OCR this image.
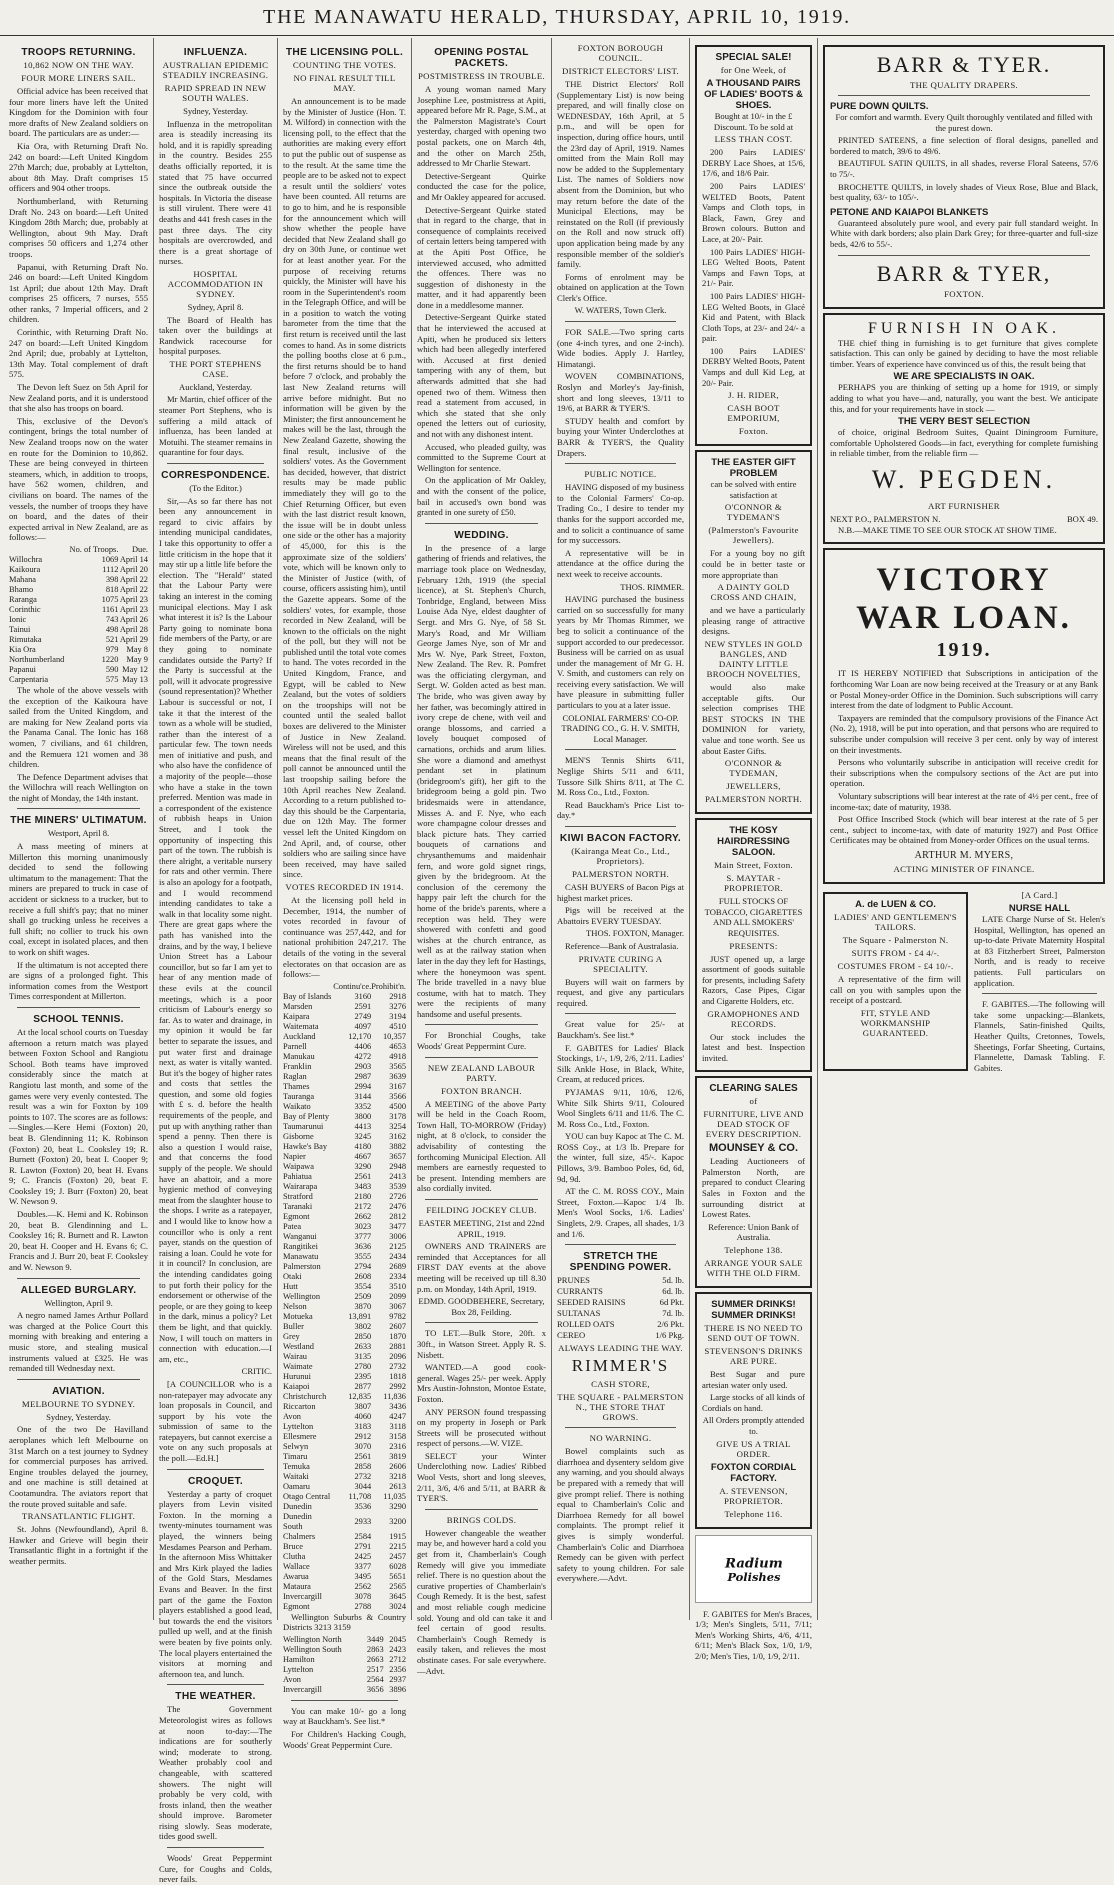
THE MANAWATU HERALD, THURSDAY, APRIL 10, 1919.
TROOPS RETURNING.
10,862 NOW ON THE WAY.
FOUR MORE LINERS SAIL.

Official advice has been received that four more liners have left the United Kingdom for the Dominion with four more drafts of New Zealand soldiers on board. The particulars are as under:—

Kia Ora, with Returning Draft No. 242 on board:—Left United Kingdom 27th March; due, probably at Lyttelton, about 8th May. Draft comprises 15 officers and 904 other troops.

Northumberland, with Returning Draft No. 243 on board:—Left United Kingdom 28th March; due, probably at Wellington, about 9th May. Draft comprises 50 officers and 1,274 other troops.

Papanui, with Returning Draft No. 246 on board:—Left United Kingdom 1st April; due about 12th May. Draft comprises 25 officers, 7 nurses, 555 other ranks, 7 Imperial officers, and 2 children.

Corinthic, with Returning Draft No. 247 on board:—Left United Kingdom 2nd April; due, probably at Lyttelton, 13th May. Total complement of draft 575.

The Devon left Suez on 5th April for New Zealand ports, and it is understood that she also has troops on board.

This, exclusive of the Devon's contingent, brings the total number of New Zealand troops now on the water en route for the Dominion to 10,862. These are being conveyed in thirteen steamers, which, in addition to troops, have 562 women, children, and civilians on board. The names of the vessels, the number of troops they have on board, and the dates of their expected arrival in New Zealand, are as follows:—

	No. of Troops.	Due.
Willochra	1069	April 14
Kaikoura	1112	April 20
Mahana	398	April 22
Bhamo	818	April 22
Raranga	1075	April 23
Corinthic	1161	April 23
Ionic	743	April 26
Tainui	498	April 28
Rimutaka	521	April 29
Kia Ora	979	May 8
Northumberland	1220	May 9
Papanui	590	May 12
Carpentaria	575	May 13

The whole of the above vessels with the exception of the Kaikoura have sailed from the United Kingdom, and are making for New Zealand ports via the Panama Canal. The Ionic has 168 women, 7 civilians, and 61 children, and the Remuera 121 women and 38 children.

The Defence Department advises that the Willochra will reach Wellington on the night of Monday, the 14th instant.

THE MINERS' ULTIMATUM.

Westport, April 8.

A mass meeting of miners at Millerton this morning unanimously decided to send the following ultimatum to the management: That the miners are prepared to truck in case of accident or sickness to a trucker, but to receive a full shift's pay; that no miner shall go trucking unless he receives a full shift; no collier to truck his own coal, except in isolated places, and then to work on shift wages.

If the ultimatum is not accepted there are signs of a prolonged fight. This information comes from the Westport Times correspondent at Millerton.

SCHOOL TENNIS.

At the local school courts on Tuesday afternoon a return match was played between Foxton School and Rangiotu School. Both teams have improved considerably since the match at Rangiotu last month, and some of the games were very evenly contested. The result was a win for Foxton by 109 points to 107. The scores are as follows:—Singles.—Kere Hemi (Foxton) 20, beat B. Glendinning 11; K. Robinson (Foxton) 20, beat L. Cooksley 19; R. Burnett (Foxton) 20, beat I. Cooper 9; R. Lawton (Foxton) 20, beat H. Evans 9; C. Francis (Foxton) 20, beat F. Cooksley 19; J. Burr (Foxton) 20, beat W. Newson 9.

Doubles.—K. Hemi and K. Robinson 20, beat B. Glendinning and L. Cooksley 16; R. Burnett and R. Lawton 20, beat H. Cooper and H. Evans 6; C. Francis and J. Burr 20, beat F. Cooksley and W. Newson 9.

ALLEGED BURGLARY.

Wellington, April 9.

A negro named James Arthur Pollard was charged at the Police Court this morning with breaking and entering a music store, and stealing musical instruments valued at £325. He was remanded till Wednesday next.

AVIATION.
MELBOURNE TO SYDNEY.

Sydney, Yesterday.

One of the two De Havilland aeroplanes which left Melbourne on 31st March on a test journey to Sydney for commercial purposes has arrived. Engine troubles delayed the journey, and one machine is still detained at Cootamundra. The aviators report that the route proved suitable and safe.

TRANSATLANTIC FLIGHT.

St. Johns (Newfoundland), April 8. Hawker and Grieve will begin their Transatlantic flight in a fortnight if the weather permits.

INFLUENZA.
AUSTRALIAN EPIDEMIC STEADILY INCREASING.
RAPID SPREAD IN NEW SOUTH WALES.

Sydney, Yesterday.

Influenza in the metropolitan area is steadily increasing its hold, and it is rapidly spreading in the country. Besides 255 deaths officially reported, it is stated that 75 have occurred since the outbreak outside the hospitals. In Victoria the disease is still virulent. There were 41 deaths and 441 fresh cases in the past three days. The city hospitals are overcrowded, and there is a great shortage of nurses.

HOSPITAL ACCOMMODATION IN SYDNEY.

Sydney, April 8.

The Board of Health has taken over the buildings at Randwick racecourse for hospital purposes.

THE PORT STEPHENS CASE.

Auckland, Yesterday.

Mr Martin, chief officer of the steamer Port Stephens, who is suffering a mild attack of influenza, has been landed at Motuihi. The steamer remains in quarantine for four days.

CORRESPONDENCE.

(To the Editor.)

Sir,—As so far there has not been any announcement in regard to civic affairs by intending municipal candidates, I take this opportunity to offer a little criticism in the hope that it may stir up a little life before the election. The "Herald" stated that the Labour Party were taking an interest in the coming municipal elections. May I ask what interest it is? Is the Labour Party going to nominate bona fide members of the Party, or are they going to nominate candidates outside the Party? If the Party is successful at the poll, will it advocate progressive (sound representation)? Whether Labour is successful or not, I take it that the interest of the town as a whole will be studied, rather than the interest of a particular few. The town needs men of initiative and push, and who also have the confidence of a majority of the people—those who have a stake in the town preferred. Mention was made in a correspondent of the existence of rubbish heaps in Union Street, and I took the opportunity of inspecting this part of the town. The rubbish is there alright, a veritable nursery for rats and other vermin. There is also an apology for a footpath, and I would recommend intending candidates to take a walk in that locality some night. There are great gaps where the path has vanished into the drains, and by the way, I believe Union Street has a Labour councillor, but so far I am yet to hear of any mention made of these evils at the council meetings, which is a poor criticism of Labour's energy so far. As to water and drainage, in my opinion it would be far better to separate the issues, and put water first and drainage next, as water is vitally wanted. But it's the bogey of higher rates and costs that settles the question, and some old fogies with £ s. d. before the health requirements of the people, and put up with anything rather than spend a penny. Then there is also a question I would raise, and that concerns the food supply of the people. We should have an abattoir, and a more hygienic method of conveying meat from the slaughter house to the shops. I write as a ratepayer, and I would like to know how a councillor who is only a rent payer, stands on the question of raising a loan. Could he vote for it in council? In conclusion, are the intending candidates going to put forth their policy for the endorsement or otherwise of the people, or are they going to keep in the dark, minus a policy? Let them be light, and that quickly. Now, I will touch on matters in connection with education.—I am, etc.,

CRITIC.

[A COUNCILLOR who is a non-ratepayer may advocate any loan proposals in Council, and support by his vote the submission of same to the ratepayers, but cannot exercise a vote on any such proposals at the poll.—Ed.H.]

CROQUET.

Yesterday a party of croquet players from Levin visited Foxton. In the morning a twenty-minutes tournament was played, the winners being Mesdames Pearson and Perham. In the afternoon Miss Whittaker and Mrs Kirk played the ladies of the Gold Stars, Mesdames Evans and Beaver. In the first part of the game the Foxton players established a good lead, but towards the end the visitors pulled up well, and at the finish were beaten by five points only. The local players entertained the visitors at morning and afternoon tea, and lunch.

THE WEATHER.

The Government Meteorologist wires as follows at noon to-day:—The indications are for southerly wind; moderate to strong. Weather probably cool and changeable, with scattered showers. The night will probably be very cold, with frosts inland, then the weather should improve. Barometer rising slowly. Seas moderate, tides good swell.

Woods' Great Peppermint Cure, for Coughs and Colds, never fails.

THE LICENSING POLL.
COUNTING THE VOTES.
NO FINAL RESULT TILL MAY.

An announcement is to be made by the Minister of Justice (Hon. T. M. Wilford) in connection with the licensing poll, to the effect that the authorities are making every effort to put the public out of suspense as to the result. At the same time the people are to be asked not to expect a result until the soldiers' votes have been counted. All returns are to go to him, and he is responsible for the announcement which will show whether the people have decided that New Zealand shall go dry on 30th June, or continue wet for at least another year. For the purpose of receiving returns quickly, the Minister will have his room in the Superintendent's room in the Telegraph Office, and will be in a position to watch the voting barometer from the time that the first return is received until the last comes to hand. As in some districts the polling booths close at 6 p.m., the first returns should be to hand before 7 o'clock, and probably the last New Zealand returns will arrive before midnight. But no information will be given by the Minister; the first announcement he makes will be the last, through the New Zealand Gazette, showing the final result, inclusive of the soldiers' votes. As the Government has decided, however, that district results may be made public immediately they will go to the Chief Returning Officer, but even with the last district result known, the issue will be in doubt unless one side or the other has a majority of 45,000, for this is the approximate size of the soldiers' vote, which will be known only to the Minister of Justice (with, of course, officers assisting him), until the Gazette appears. Some of the soldiers' votes, for example, those recorded in New Zealand, will be known to the officials on the night of the poll, but they will not be published until the total vote comes to hand. The votes recorded in the United Kingdom, France, and Egypt, will be cabled to New Zealand, but the votes of soldiers on the troopships will not be counted until the sealed ballot boxes are delivered to the Minister of Justice in New Zealand. Wireless will not be used, and this means that the final result of the poll cannot be announced until the last troopship sailing before the 10th April reaches New Zealand. According to a return published to-day this should be the Carpentaria, due on 12th May. The former vessel left the United Kingdom on 2nd April, and, of course, other soldiers who are sailing since have been received, may have sailed since.

VOTES RECORDED IN 1914.

At the licensing poll held in December, 1914, the number of votes recorded in favour of continuance was 257,442, and for national prohibition 247,217. The details of the voting in the several electorates on that occasion are as follows:—

	Continu'ce.	Prohibit'n.
Bay of Islands	3160	2918
Marsden	2591	3276
Kaipara	2749	3194
Waitemata	4097	4510
Auckland	12,170	10,357
Parnell	4406	4653
Manukau	4272	4918
Franklin	2903	3565
Raglan	2987	3639
Thames	2994	3167
Tauranga	3144	3566
Waikato	3352	4500
Bay of Plenty	3800	3178
Taumarunui	4413	3254
Gisborne	3245	3162
Hawke's Bay	4180	3882
Napier	4667	3657
Waipawa	3290	2948
Pahiatua	2561	2413
Wairarapa	3483	3539
Stratford	2180	2726
Taranaki	2172	2476
Egmont	2662	2812
Patea	3023	3477
Wanganui	3777	3006
Rangitikei	3636	2125
Manawatu	3555	2434
Palmerston	2794	2689
Otaki	2608	2334
Hutt	3554	3510
Wellington	2509	2099
Nelson	3870	3067
Motueka	13,891	9782
Buller	3802	2607
Grey	2850	1870
Westland	2633	2881
Wairau	3135	2096
Waimate	2780	2732
Hurunui	2395	1818
Kaiapoi	2877	2992
Christchurch	12,835	11,836
Riccarton	3807	3436
Avon	4060	4247
Lyttelton	3183	3118
Ellesmere	2912	3158
Selwyn	3070	2316
Timaru	2561	3819
Temuka	2858	2606
Waitaki	2732	3218
Oamaru	3044	2613
Otago Central	11,708	11,035
Dunedin	3536	3290
Dunedin South	2933	3200
Chalmers	2584	1915
Bruce	2791	2215
Clutha	2425	2457
Wallace	3377	6028
Awarua	3495	5651
Mataura	2562	2565
Invercargill	3078	3645
Egmont	2788	3024

Wellington Suburbs & Country Districts 3213 3159

Wellington North	3449	2045
Wellington South	2863	2423
Hamilton	2663	2712
Lyttelton	2517	2356
Avon	2564	2937
Invercargill	3656	3896

You can make 10/- go a long way at Bauckham's. See list.*

For Children's Hacking Cough, Woods' Great Peppermint Cure.

OPENING POSTAL PACKETS.
POSTMISTRESS IN TROUBLE.

A young woman named Mary Josephine Lee, postmistress at Apiti, appeared before Mr R. Page, S.M., at the Palmerston Magistrate's Court yesterday, charged with opening two postal packets, one on March 4th, and the other on March 25th, addressed to Mr Charlie Stewart.

Detective-Sergeant Quirke conducted the case for the police, and Mr Oakley appeared for accused.

Detective-Sergeant Quirke stated that in regard to the charge, that in consequence of complaints received of certain letters being tampered with at the Apiti Post Office, he interviewed accused, who admitted the offences. There was no suggestion of dishonesty in the matter, and it had apparently been done in a meddlesome manner.

Detective-Sergeant Quirke stated that he interviewed the accused at Apiti, when he produced six letters which had been allegedly interfered with. Accused at first denied tampering with any of them, but afterwards admitted that she had opened two of them. Witness then read a statement from accused, in which she stated that she only opened the letters out of curiosity, and not with any dishonest intent.

Accused, who pleaded guilty, was committed to the Supreme Court at Wellington for sentence.

On the application of Mr Oakley, and with the consent of the police, bail in accused's own bond was granted in one surety of £50.

WEDDING.

In the presence of a large gathering of friends and relatives, the marriage took place on Wednesday, February 12th, 1919 (the special licence), at St. Stephen's Church, Tonbridge, England, between Miss Louise Ada Nye, eldest daughter of Sergt. and Mrs G. Nye, of 58 St. Mary's Road, and Mr William George James Nye, son of Mr and Mrs W. Nye, Park Street, Foxton, New Zealand. The Rev. R. Pomfret was the officiating clergyman, and Sergt. W. Golden acted as best man. The bride, who was given away by her father, was becomingly attired in ivory crepe de chene, with veil and orange blossoms, and carried a lovely bouquet composed of carnations, orchids and arum lilies. She wore a diamond and amethyst pendant set in platinum (bridegroom's gift), her gift to the bridegroom being a gold pin. Two bridesmaids were in attendance, Misses A. and F. Nye, who each wore champagne colour dresses and black picture hats. They carried bouquets of carnations and chrysanthemums and maidenhair fern, and wore gold signet rings, given by the bridegroom. At the conclusion of the ceremony the happy pair left the church for the home of the bride's parents, where a reception was held. They were showered with confetti and good wishes at the church entrance, as well as at the railway station when later in the day they left for Hastings, where the honeymoon was spent. The bride travelled in a navy blue costume, with hat to match. They were the recipients of many handsome and useful presents.

For Bronchial Coughs, take Woods' Great Peppermint Cure.

NEW ZEALAND LABOUR PARTY.
FOXTON BRANCH.

A MEETING of the above Party will be held in the Coach Room, Town Hall, TO-MORROW (Friday) night, at 8 o'clock, to consider the advisability of contesting the forthcoming Municipal Election. All members are earnestly requested to be present. Intending members are also cordially invited.

FEILDING JOCKEY CLUB.

EASTER MEETING, 21st and 22nd APRIL, 1919.

OWNERS AND TRAINERS are reminded that Acceptances for all FIRST DAY events at the above meeting will be received up till 8.30 p.m. on Monday, 14th April, 1919.

EDMD. GOODBEHERE, Secretary, Box 28, Feilding.

TO LET.—Bulk Store, 20ft. x 30ft., in Watson Street. Apply R. S. Nisbett.

WANTED.—A good cook-general. Wages 25/- per week. Apply Mrs Austin-Johnston, Montoe Estate, Foxton.

ANY PERSON found trespassing on my property in Joseph or Park Streets will be prosecuted without respect of persons.—W. VIZE.

SELECT your Winter Underclothing now. Ladies' Ribbed Wool Vests, short and long sleeves, 2/11, 3/6, 4/6 and 5/11, at BARR & TYER'S.

BRINGS COLDS.

However changeable the weather may be, and however hard a cold you get from it, Chamberlain's Cough Remedy will give you immediate relief. There is no question about the curative properties of Chamberlain's Cough Remedy. It is the best, safest and most reliable cough medicine sold. Young and old can take it and feel certain of good results. Chamberlain's Cough Remedy is easily taken, and relieves the most obstinate cases. For sale everywhere.—Advt.

FOXTON BOROUGH COUNCIL.
DISTRICT ELECTORS' LIST.

THE District Electors' Roll (Supplementary List) is now being prepared, and will finally close on WEDNESDAY, 16th April, at 5 p.m., and will be open for inspection, during office hours, until the 23rd day of April, 1919. Names omitted from the Main Roll may now be added to the Supplementary List. The names of Soldiers now absent from the Dominion, but who may return before the date of the Municipal Elections, may be reinstated on the Roll (if previously on the Roll and now struck off) upon application being made by any responsible member of the soldier's family.

Forms of enrolment may be obtained on application at the Town Clerk's Office.

W. WATERS, Town Clerk.

FOR SALE.—Two spring carts (one 4-inch tyres, and one 2-inch). Wide bodies. Apply J. Hartley, Himatangi.

WOVEN COMBINATIONS, Roslyn and Morley's Jay-finish, short and long sleeves, 13/11 to 19/6, at BARR & TYER'S.

STUDY health and comfort by buying your Winter Underclothes at BARR & TYER'S, the Quality Drapers.

PUBLIC NOTICE.

HAVING disposed of my business to the Colonial Farmers' Co-op. Trading Co., I desire to tender my thanks for the support accorded me, and to solicit a continuance of same for my successors.

A representative will be in attendance at the office during the next week to receive accounts.

THOS. RIMMER.

HAVING purchased the business carried on so successfully for many years by Mr Thomas Rimmer, we beg to solicit a continuance of the support accorded to our predecessor. Business will be carried on as usual under the management of Mr G. H. V. Smith, and customers can rely on receiving every satisfaction. We will have pleasure in submitting fuller particulars to you at a later issue.

COLONIAL FARMERS' CO-OP. TRADING CO., G. H. V. SMITH, Local Manager.

MEN'S Tennis Shirts 6/11, Neglige Shirts 5/11 and 6/11, Tussore Silk Shirts 8/11, at The C. M. Ross Co., Ltd., Foxton.

Read Bauckham's Price List to-day.*

KIWI BACON FACTORY.
(Kairanga Meat Co., Ltd., Proprietors).
PALMERSTON NORTH.

CASH BUYERS of Bacon Pigs at highest market prices.

Pigs will be received at the Abattoirs EVERY TUESDAY.

THOS. FOXTON, Manager.

Reference—Bank of Australasia.

PRIVATE CURING A SPECIALITY.

Buyers will wait on farmers by request, and give any particulars required.

Great value for 25/- at Bauckham's. See list.*

F. GABITES for Ladies' Black Stockings, 1/-, 1/9, 2/6, 2/11. Ladies' Silk Ankle Hose, in Black, White, Cream, at reduced prices.

PYJAMAS 9/11, 10/6, 12/6, White Silk Shirts 9/11, Coloured Wool Singlets 6/11 and 11/6. The C. M. Ross Co., Ltd., Foxton.

YOU can buy Kapoc at The C. M. ROSS Coy., at 1/3 lb. Prepare for the winter, full size, 45/-. Kapoc Pillows, 3/9. Bamboo Poles, 6d, 6d, 9d, 9d.

AT the C. M. ROSS COY., Main Street, Foxton.—Kapoc 1/4 lb. Men's Wool Socks, 1/6. Ladies' Singlets, 2/9. Crapes, all shades, 1/3 and 1/6.

STRETCH THE SPENDING POWER.
PRUNES	5d. lb.
CURRANTS	6d. lb.
SEEDED RAISINS	6d Pkt.
SULTANAS	7d. lb.
ROLLED OATS	2/6 Pkt.
CEREO	1/6 Pkg.
ALWAYS LEADING THE WAY.
RIMMER'S
CASH STORE,
THE SQUARE - PALMERSTON N., THE STORE THAT GROWS.
NO WARNING.

Bowel complaints such as diarrhoea and dysentery seldom give any warning, and you should always be prepared with a remedy that will give prompt relief. There is nothing equal to Chamberlain's Colic and Diarrhoea Remedy for all bowel complaints. The prompt relief it gives is simply wonderful. Chamberlain's Colic and Diarrhoea Remedy can be given with perfect safety to young children. For sale everywhere.—Advt.

SPECIAL SALE!
for One Week, of
A THOUSAND PAIRS OF LADIES' BOOTS & SHOES.

Bought at 10/- in the £ Discount. To be sold at

LESS THAN COST.

200 Pairs LADIES' DERBY Lace Shoes, at 15/6, 17/6, and 18/6 Pair.

200 Pairs LADIES' WELTED Boots, Patent Vamps and Cloth tops, in Black, Fawn, Grey and Brown colours. Button and Lace, at 20/- Pair.

100 Pairs LADIES' HIGH-LEG Welted Boots, Patent Vamps and Fawn Tops, at 21/- Pair.

100 Pairs LADIES' HIGH-LEG Welted Boots, in Glacé Kid and Patent, with Black Cloth Tops, at 23/- and 24/- a pair.

100 Pairs LADIES' DERBY Welted Boots, Patent Vamps and dull Kid Leg, at 20/- Pair.

J. H. RIDER,
CASH BOOT EMPORIUM,
Foxton.
THE EASTER GIFT PROBLEM

can be solved with entire satisfaction at

O'CONNOR & TYDEMAN'S
(Palmerston's Favourite Jewellers).

For a young boy no gift could be in better taste or more appropriate than

A DAINTY GOLD CROSS AND CHAIN,

and we have a particularly pleasing range of attractive designs.

NEW STYLES IN GOLD BANGLES, AND DAINTY LITTLE BROOCH NOVELTIES,

would also make acceptable gifts. Our selection comprises THE BEST STOCKS IN THE DOMINION for variety, value and tone worth. See us about Easter Gifts.

O'CONNOR & TYDEMAN,
JEWELLERS,
PALMERSTON NORTH.
THE KOSY HAIRDRESSING SALOON.
Main Street, Foxton.
S. MAYTAR - PROPRIETOR.

FULL STOCKS OF TOBACCO, CIGARETTES AND ALL SMOKERS' REQUISITES.

PRESENTS:

JUST opened up, a large assortment of goods suitable for presents, including Safety Razors, Case Pipes, Cigar and Cigarette Holders, etc.

GRAMOPHONES AND RECORDS.

Our stock includes the latest and best. Inspection invited.

CLEARING SALES
of
FURNITURE, LIVE AND DEAD STOCK OF EVERY DESCRIPTION.
MOUNSEY & CO.

Leading Auctioneers of Palmerston North, are prepared to conduct Clearing Sales in Foxton and the surrounding district at Lowest Rates.

Reference: Union Bank of Australia.

Telephone 138.
ARRANGE YOUR SALE WITH THE OLD FIRM.
SUMMER DRINKS! SUMMER DRINKS!
THERE IS NO NEED TO SEND OUT OF TOWN.
STEVENSON'S DRINKS ARE PURE.

Best Sugar and pure artesian water only used.

Large stocks of all kinds of Cordials on hand.

All Orders promptly attended to.

GIVE US A TRIAL ORDER.
FOXTON CORDIAL FACTORY.
A. STEVENSON, PROPRIETOR.
Telephone 116.
Radium
Polishes

F. GABITES for Men's Braces, 1/3; Men's Singlets, 5/11, 7/11; Men's Working Shirts, 4/6, 4/11, 6/11; Men's Black Sox, 1/0, 1/9, 2/0; Men's Ties, 1/0, 1/9, 2/11.

BARR & TYER.
THE QUALITY DRAPERS.
PURE DOWN QUILTS.

For comfort and warmth. Every Quilt thoroughly ventilated and filled with the purest down.

PRINTED SATEENS, a fine selection of floral designs, panelled and bordered to match, 39/6 to 49/6.

BEAUTIFUL SATIN QUILTS, in all shades, reverse Floral Sateens, 57/6 to 75/-.

BROCHETTE QUILTS, in lovely shades of Vieux Rose, Blue and Black, best quality, 63/- to 105/-.

PETONE AND KAIAPOI BLANKETS

Guaranteed absolutely pure wool, and every pair full standard weight. In White with dark borders; also plain Dark Grey; for three-quarter and full-size beds, 42/6 to 55/-.

BARR & TYER,
FOXTON.
FURNISH IN OAK.

THE chief thing in furnishing is to get furniture that gives complete satisfaction. This can only be gained by deciding to have the most reliable timber. Years of experience have convinced us of this, the result being that

WE ARE SPECIALISTS IN OAK.

PERHAPS you are thinking of setting up a home for 1919, or simply adding to what you have—and, naturally, you want the best. We anticipate this, and for your requirements have in stock —

THE VERY BEST SELECTION

of choice, original Bedroom Suites, Quaint Diningroom Furniture, comfortable Upholstered Goods—in fact, everything for complete furnishing in reliable timber, from the reliable firm —

W. PEGDEN.
ART FURNISHER
NEXT P.O., PALMERSTON N.	BOX 49.

N.B.—MAKE TIME TO SEE OUR STOCK AT SHOW TIME.

VICTORY WAR LOAN.
1919.

IT IS HEREBY NOTIFIED that Subscriptions in anticipation of the forthcoming War Loan are now being received at the Treasury or at any Bank or Postal Money-order Office in the Dominion. Such subscriptions will carry interest from the date of lodgment to Public Account.

Taxpayers are reminded that the compulsory provisions of the Finance Act (No. 2), 1918, will be put into operation, and that persons who are required to subscribe under compulsion will receive 3 per cent. only by way of interest on their investments.

Persons who voluntarily subscribe in anticipation will receive credit for their subscriptions when the compulsory sections of the Act are put into operation.

Voluntary subscriptions will bear interest at the rate of 4½ per cent., free of income-tax; date of maturity, 1938.

Post Office Inscribed Stock (which will bear interest at the rate of 5 per cent., subject to income-tax, with date of maturity 1927) and Post Office Certificates may be obtained from Money-order Offices on the usual terms.

ARTHUR M. MYERS,
ACTING MINISTER OF FINANCE.
A. de LUEN & CO.
LADIES' AND GENTLEMEN'S TAILORS.
The Square - Palmerston N.
SUITS FROM - £4 4/-.
COSTUMES FROM - £4 10/-.

A representative of the firm will call on you with samples upon the receipt of a postcard.

FIT, STYLE AND WORKMANSHIP GUARANTEED.
[A Card.]
NURSE HALL

LATE Charge Nurse of St. Helen's Hospital, Wellington, has opened an up-to-date Private Maternity Hospital at 83 Fitzherbert Street, Palmerston North, and is ready to receive patients. Full particulars on application.

F. GABITES.—The following will take some unpacking:—Blankets, Flannels, Satin-finished Quilts, Heather Quilts, Cretonnes, Towels, Sheetings, Forfar Sheeting, Curtains, Flannelette, Damask Tabling. F. Gabites.
